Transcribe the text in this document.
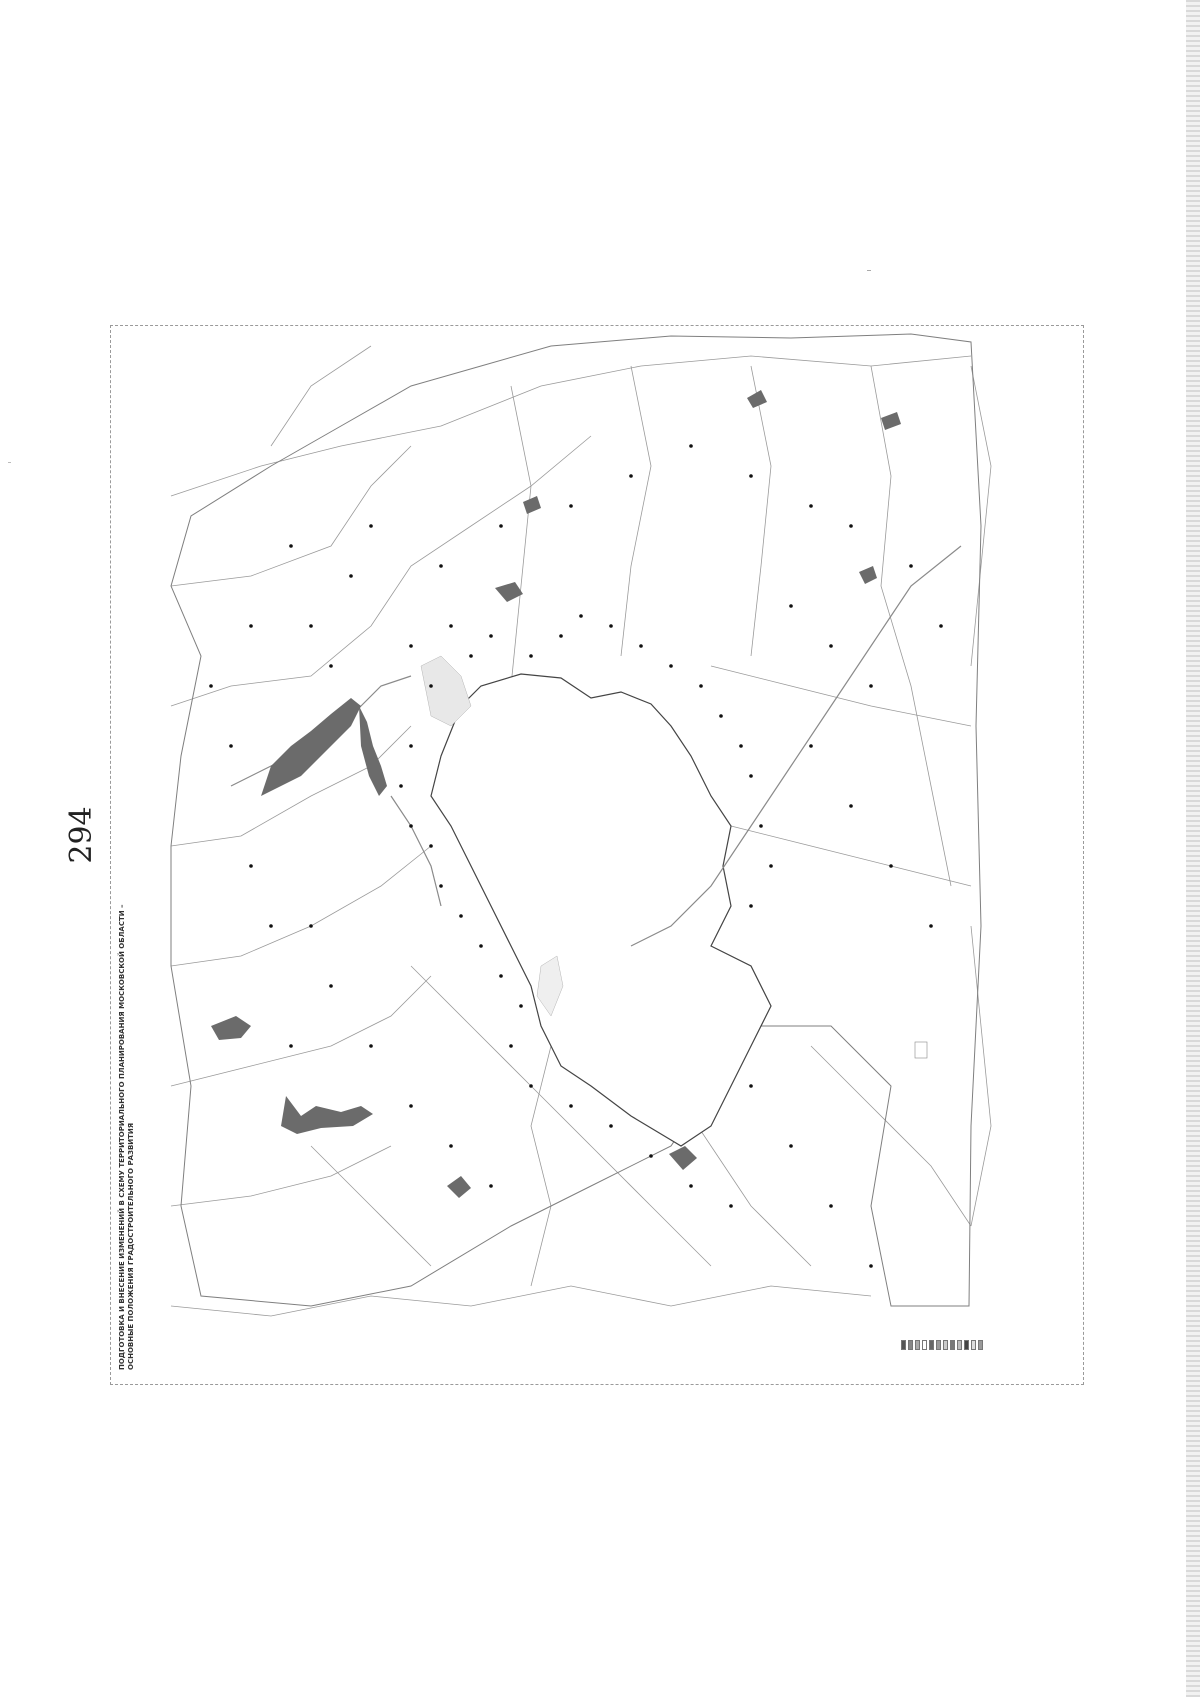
294
ПОДГОТОВКА И ВНЕСЕНИЕ ИЗМЕНЕНИЙ В СХЕМУ ТЕРРИТОРИАЛЬНОГО ПЛАНИРОВАНИЯ МОСКОВСКОЙ ОБЛАСТИ – ОСНОВНЫЕ ПОЛОЖЕНИЯ ГРАДОСТРОИТЕЛЬНОГО РАЗВИТИЯ
